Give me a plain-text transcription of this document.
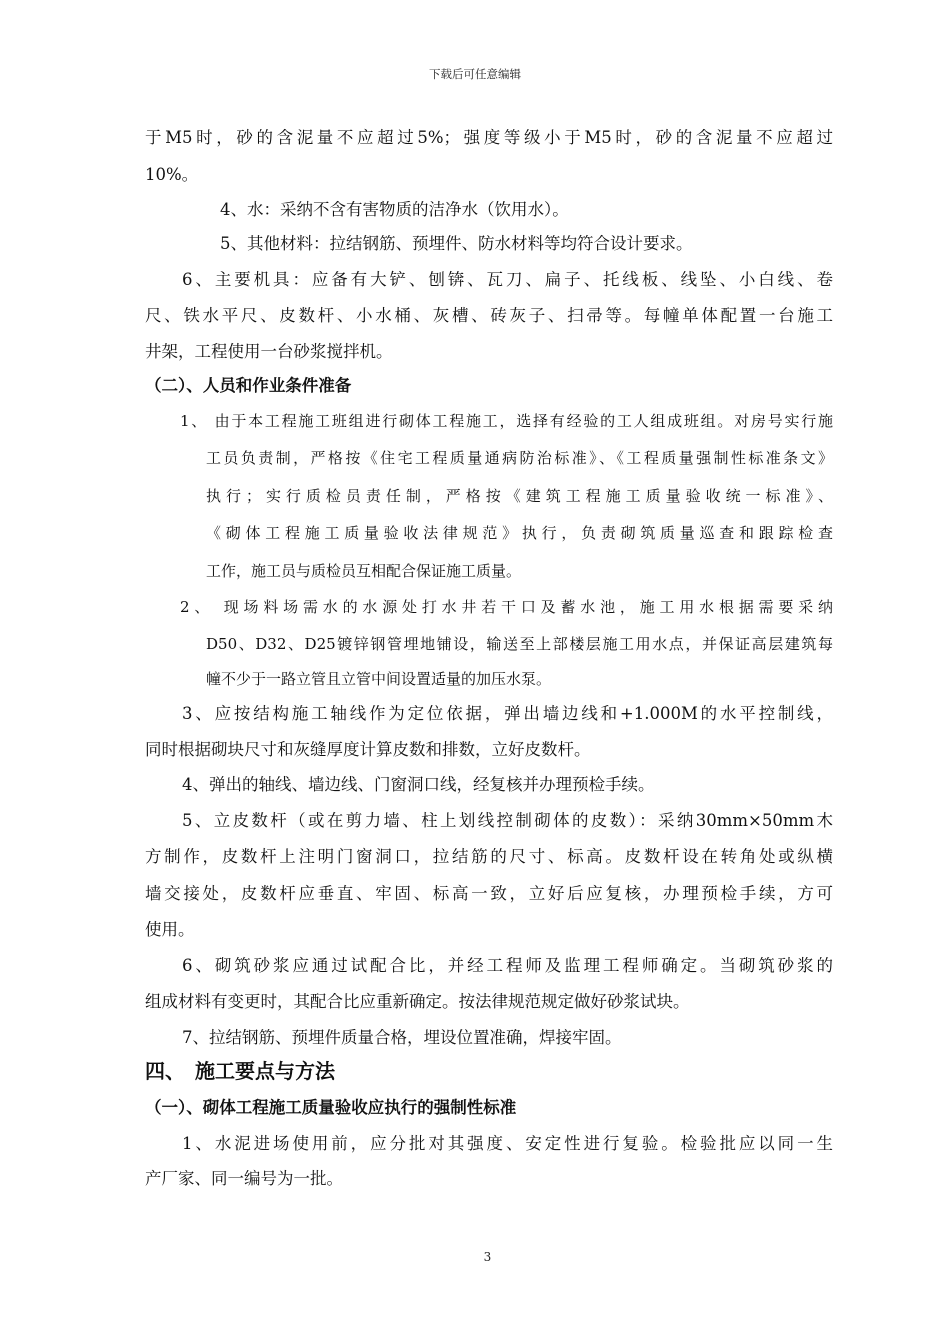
下载后可任意编辑
于M5时，砂的含泥量不应超过5%；强度等级小于M5时，砂的含泥量不应超过
10%。
4、水：采纳不含有害物质的洁净水（饮用水）。
5、其他材料：拉结钢筋、预埋件、防水材料等均符合设计要求。
6、主要机具：应备有大铲、刨锛、瓦刀、扁子、托线板、线坠、小白线、卷
尺、铁水平尺、皮数杆、小水桶、灰槽、砖灰子、扫帚等。每幢单体配置一台施工
井架，工程使用一台砂浆搅拌机。
（二）、人员和作业条件准备
1、 由于本工程施工班组进行砌体工程施工，选择有经验的工人组成班组。对房号实行施
工员负责制，严格按《住宅工程质量通病防治标准》、《工程质量强制性标准条文》
执行；实行质检员责任制，严格按《建筑工程施工质量验收统一标准》、
《砌体工程施工质量验收法律规范》执行，负责砌筑质量巡查和跟踪检查
工作，施工员与质检员互相配合保证施工质量。
2、 现场料场需水的水源处打水井若干口及蓄水池，施工用水根据需要采纳
D50、D32、D25镀锌钢管埋地铺设，输送至上部楼层施工用水点，并保证高层建筑每
幢不少于一路立管且立管中间设置适量的加压水泵。
3、应按结构施工轴线作为定位依据，弹出墙边线和+1.000M的水平控制线，
同时根据砌块尺寸和灰缝厚度计算皮数和排数，立好皮数杆。
4、弹出的轴线、墙边线、门窗洞口线，经复核并办理预检手续。
5、立皮数杆（或在剪力墙、柱上划线控制砌体的皮数）：采纳30mm×50mm木
方制作，皮数杆上注明门窗洞口，拉结筋的尺寸、标高。皮数杆设在转角处或纵横
墙交接处，皮数杆应垂直、牢固、标高一致，立好后应复核，办理预检手续，方可
使用。
6、砌筑砂浆应通过试配合比，并经工程师及监理工程师确定。当砌筑砂浆的
组成材料有变更时，其配合比应重新确定。按法律规范规定做好砂浆试块。
7、拉结钢筋、预埋件质量合格，埋设位置准确，焊接牢固。
四、　施工要点与方法
（一）、砌体工程施工质量验收应执行的强制性标准
1、水泥进场使用前，应分批对其强度、安定性进行复验。检验批应以同一生
产厂家、同一编号为一批。
3
